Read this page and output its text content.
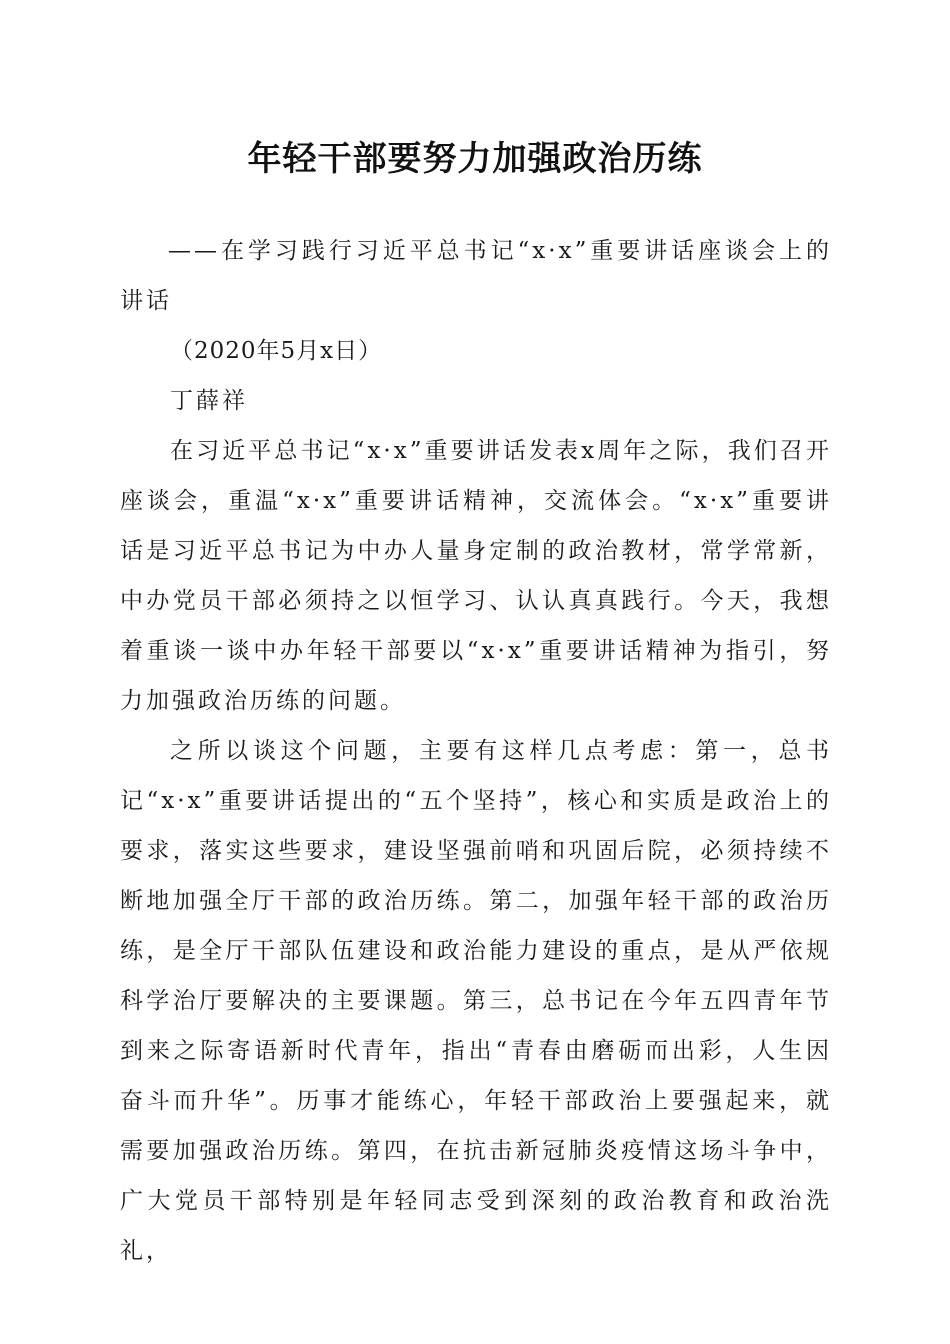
年轻干部要努力加强政治历练

——在学习践行习近平总书记“x·x”重要讲话座谈会上的讲话

（2020年5月x日）

丁薛祥

在习近平总书记“x·x”重要讲话发表x周年之际，我们召开座谈会，重温“x·x”重要讲话精神，交流体会。“x·x”重要讲话是习近平总书记为中办人量身定制的政治教材，常学常新，中办党员干部必须持之以恒学习、认认真真践行。今天，我想着重谈一谈中办年轻干部要以“x·x”重要讲话精神为指引，努力加强政治历练的问题。

之所以谈这个问题，主要有这样几点考虑：第一，总书记“x·x”重要讲话提出的“五个坚持”，核心和实质是政治上的要求，落实这些要求，建设坚强前哨和巩固后院，必须持续不断地加强全厅干部的政治历练。第二，加强年轻干部的政治历练，是全厅干部队伍建设和政治能力建设的重点，是从严依规科学治厅要解决的主要课题。第三，总书记在今年五四青年节到来之际寄语新时代青年，指出“青春由磨砺而出彩，人生因奋斗而升华”。历事才能练心，年轻干部政治上要强起来，就需要加强政治历练。第四，在抗击新冠肺炎疫情这场斗争中，广大党员干部特别是年轻同志受到深刻的政治教育和政治洗礼，
